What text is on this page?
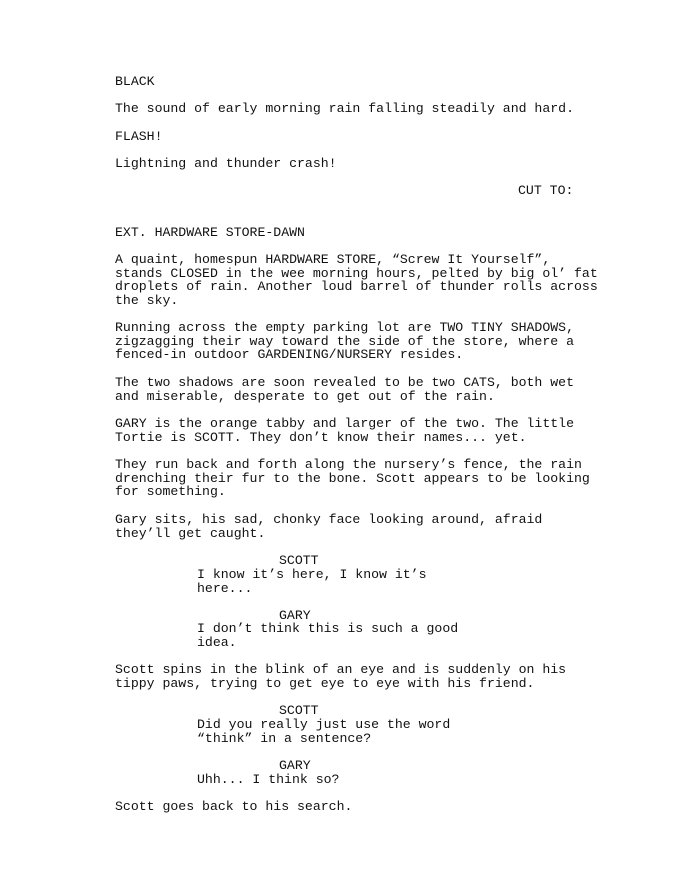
BLACK
The sound of early morning rain falling steadily and hard.
FLASH!
Lightning and thunder crash!
CUT TO:
EXT. HARDWARE STORE-DAWN
A quaint, homespun HARDWARE STORE, “Screw It Yourself”,
stands CLOSED in the wee morning hours, pelted by big ol’ fat
droplets of rain. Another loud barrel of thunder rolls across
the sky.
Running across the empty parking lot are TWO TINY SHADOWS,
zigzagging their way toward the side of the store, where a
fenced-in outdoor GARDENING/NURSERY resides.
The two shadows are soon revealed to be two CATS, both wet
and miserable, desperate to get out of the rain.
GARY is the orange tabby and larger of the two. The little
Tortie is SCOTT. They don’t know their names... yet.
They run back and forth along the nursery’s fence, the rain
drenching their fur to the bone. Scott appears to be looking
for something.
Gary sits, his sad, chonky face looking around, afraid
they’ll get caught.
SCOTT
I know it’s here, I know it’s
here...
GARY
I don’t think this is such a good
idea.
Scott spins in the blink of an eye and is suddenly on his
tippy paws, trying to get eye to eye with his friend.
SCOTT
Did you really just use the word
“think” in a sentence?
GARY
Uhh... I think so?
Scott goes back to his search.
